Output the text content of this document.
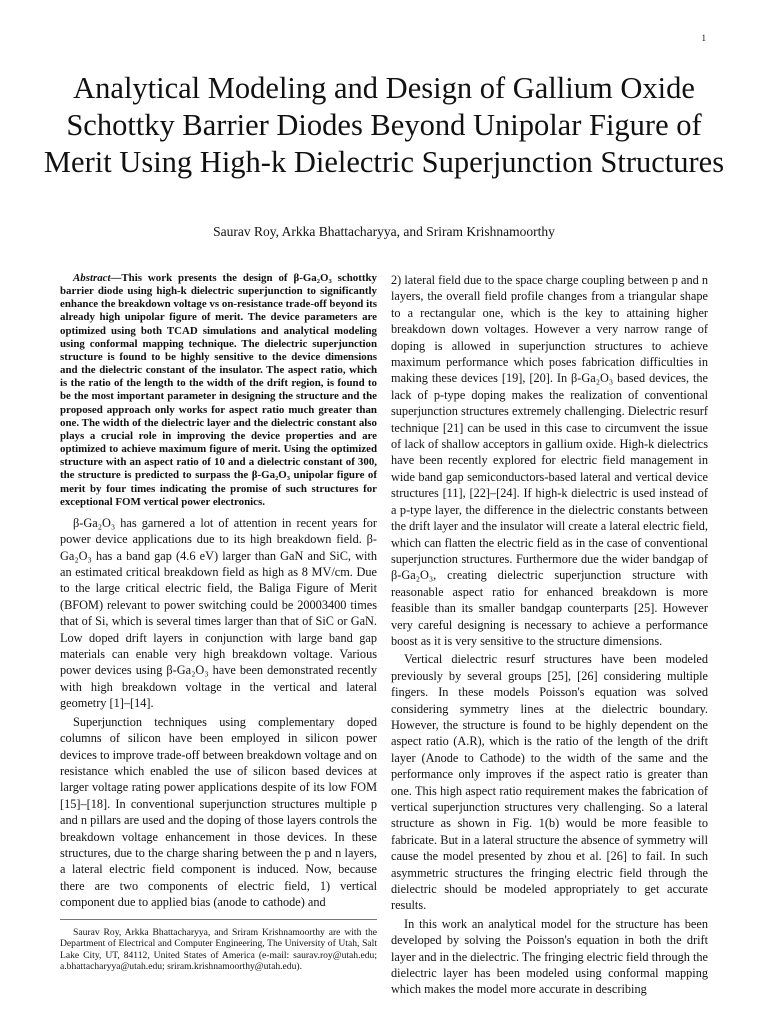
1
Analytical Modeling and Design of Gallium Oxide Schottky Barrier Diodes Beyond Unipolar Figure of Merit Using High-k Dielectric Superjunction Structures
Saurav Roy, Arkka Bhattacharyya, and Sriram Krishnamoorthy

Abstract—This work presents the design of β-Ga₂O₃ schottky barrier diode using high-k dielectric superjunction to significantly enhance the breakdown voltage vs on-resistance trade-off beyond its already high unipolar figure of merit. The device parameters are optimized using both TCAD simulations and analytical modeling using conformal mapping technique. The dielectric superjunction structure is found to be highly sensitive to the device dimensions and the dielectric constant of the insulator. The aspect ratio, which is the ratio of the length to the width of the drift region, is found to be the most important parameter in designing the structure and the proposed approach only works for aspect ratio much greater than one. The width of the dielectric layer and the dielectric constant also plays a crucial role in improving the device properties and are optimized to achieve maximum figure of merit. Using the optimized structure with an aspect ratio of 10 and a dielectric constant of 300, the structure is predicted to surpass the β-Ga₂O₃ unipolar figure of merit by four times indicating the promise of such structures for exceptional FOM vertical power electronics.

β-Ga₂O₃ has garnered a lot of attention in recent years for power device applications due to its high breakdown field. β-Ga₂O₃ has a band gap (4.6 eV) larger than GaN and SiC, with an estimated critical breakdown field as high as 8 MV/cm. Due to the large critical electric field, the Baliga Figure of Merit (BFOM) relevant to power switching could be 20003400 times that of Si, which is several times larger than that of SiC or GaN. Low doped drift layers in conjunction with large band gap materials can enable very high breakdown voltage. Various power devices using β-Ga₂O₃ have been demonstrated recently with high breakdown voltage in the vertical and lateral geometry [1]–[14].

Superjunction techniques using complementary doped columns of silicon have been employed in silicon power devices to improve trade-off between breakdown voltage and on resistance which enabled the use of silicon based devices at larger voltage rating power applications despite of its low FOM [15]–[18]. In conventional superjunction structures multiple p and n pillars are used and the doping of those layers controls the breakdown voltage enhancement in those devices. In these structures, due to the charge sharing between the p and n layers, a lateral electric field component is induced. Now, because there are two components of electric field, 1) vertical component due to applied bias (anode to cathode) and

Saurav Roy, Arkka Bhattacharyya, and Sriram Krishnamoorthy are with the Department of Electrical and Computer Engineering, The University of Utah, Salt Lake City, UT, 84112, United States of America (e-mail: saurav.roy@utah.edu; a.bhattacharyya@utah.edu; sriram.krishnamoorthy@utah.edu).

2) lateral field due to the space charge coupling between p and n layers, the overall field profile changes from a triangular shape to a rectangular one, which is the key to attaining higher breakdown down voltages. However a very narrow range of doping is allowed in superjunction structures to achieve maximum performance which poses fabrication difficulties in making these devices [19], [20]. In β-Ga₂O₃ based devices, the lack of p-type doping makes the realization of conventional superjunction structures extremely challenging. Dielectric resurf technique [21] can be used in this case to circumvent the issue of lack of shallow acceptors in gallium oxide. High-k dielectrics have been recently explored for electric field management in wide band gap semiconductors-based lateral and vertical device structures [11], [22]–[24]. If high-k dielectric is used instead of a p-type layer, the difference in the dielectric constants between the drift layer and the insulator will create a lateral electric field, which can flatten the electric field as in the case of conventional superjunction structures. Furthermore due the wider bandgap of β-Ga₂O₃, creating dielectric superjunction structure with reasonable aspect ratio for enhanced breakdown is more feasible than its smaller bandgap counterparts [25]. However very careful designing is necessary to achieve a performance boost as it is very sensitive to the structure dimensions.

Vertical dielectric resurf structures have been modeled previously by several groups [25], [26] considering multiple fingers. In these models Poisson's equation was solved considering symmetry lines at the dielectric boundary. However, the structure is found to be highly dependent on the aspect ratio (A.R), which is the ratio of the length of the drift layer (Anode to Cathode) to the width of the same and the performance only improves if the aspect ratio is greater than one. This high aspect ratio requirement makes the fabrication of vertical superjunction structures very challenging. So a lateral structure as shown in Fig. 1(b) would be more feasible to fabricate. But in a lateral structure the absence of symmetry will cause the model presented by zhou et al. [26] to fail. In such asymmetric structures the fringing electric field through the dielectric should be modeled appropriately to get accurate results.

In this work an analytical model for the structure has been developed by solving the Poisson's equation in both the drift layer and in the dielectric. The fringing electric field through the dielectric layer has been modeled using conformal mapping which makes the model more accurate in describing
